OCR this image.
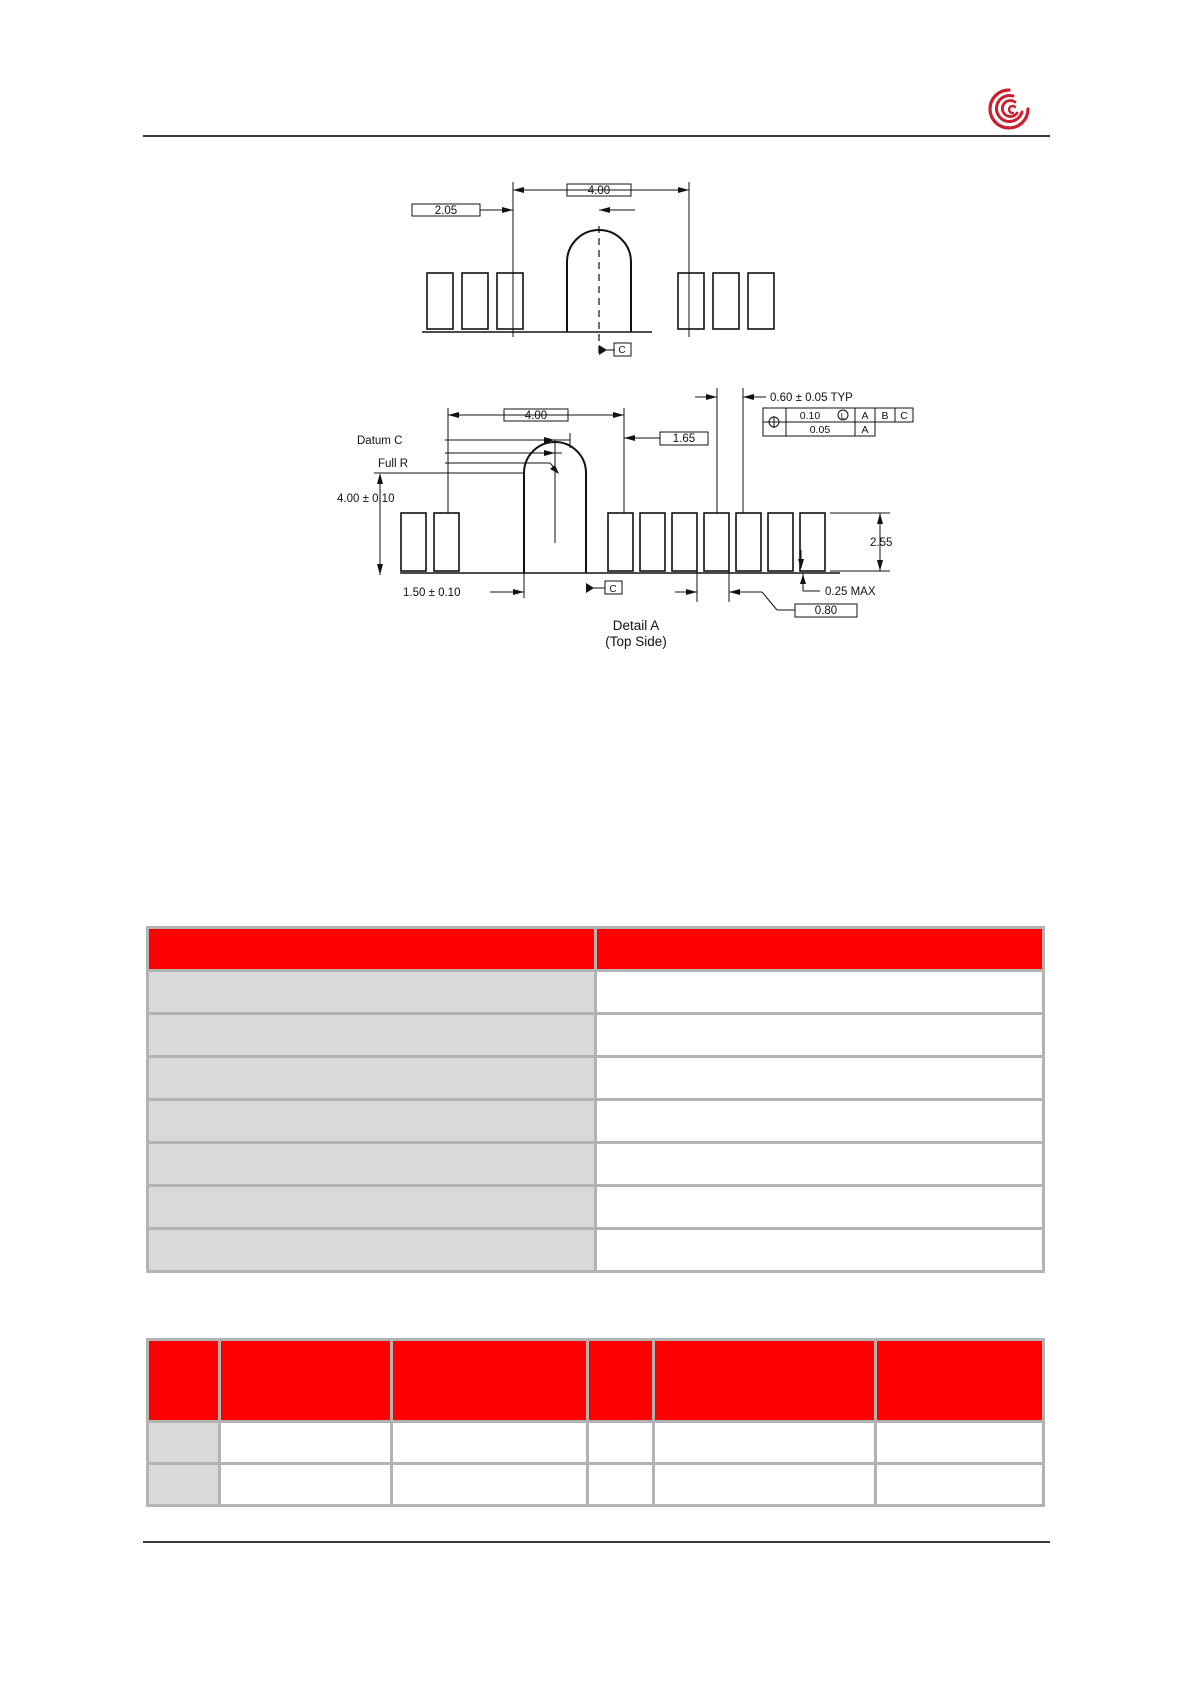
4.00
2.05
C
4.00
1.65
0.60 ± 0.05 TYP
0.10	L A B C
0.05	A
Datum C
Full R
4.00 ± 0.10
2.55
1.50 ± 0.10	C	0.25 MAX
0.80
Detail A
(Top Side)
